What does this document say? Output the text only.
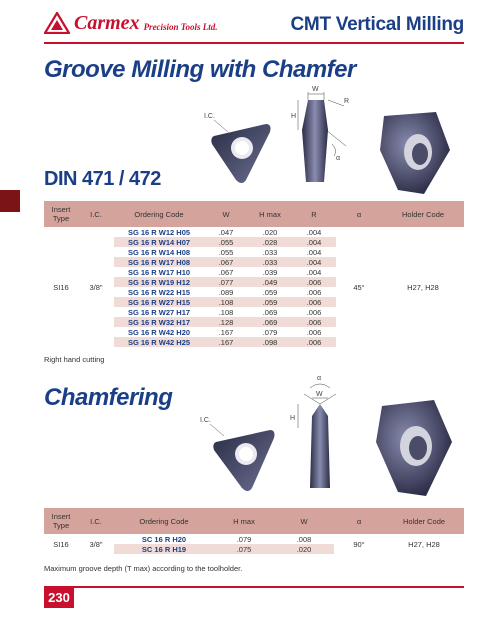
Carmex Precision Tools Ltd.	CMT Vertical Milling
Groove Milling with Chamfer
DIN 471 / 472
I.C.
W
H
R
α
Insert Type	I.C.	Ordering Code	W	H max	R	α	Holder Code
SI16	3/8"	SG 16 R W12 H05	.047	.020	.004	45°	H27, H28
		SG 16 R W14 H07	.055	.028	.004		
		SG 16 R W14 H08	.055	.033	.004		
		SG 16 R W17 H08	.067	.033	.004		
		SG 16 R W17 H10	.067	.039	.004		
		SG 16 R W19 H12	.077	.049	.006		
		SG 16 R W22 H15	.089	.059	.006		
		SG 16 R W27 H15	.108	.059	.006		
		SG 16 R W27 H17	.108	.069	.006		
		SG 16 R W32 H17	.128	.069	.006		
		SG 16 R W42 H20	.167	.079	.006		
		SG 16 R W42 H25	.167	.098	.006		
Right hand cutting
Chamfering
I.C.
α
W
H
Insert Type	I.C.	Ordering Code	H max	W	α	Holder Code
SI16	3/8"	SC 16 R H20	.079	.008	90°	H27, H28
		SC 16 R H19	.075	.020		
Maximum groove depth (T max) according to the toolholder.
230
